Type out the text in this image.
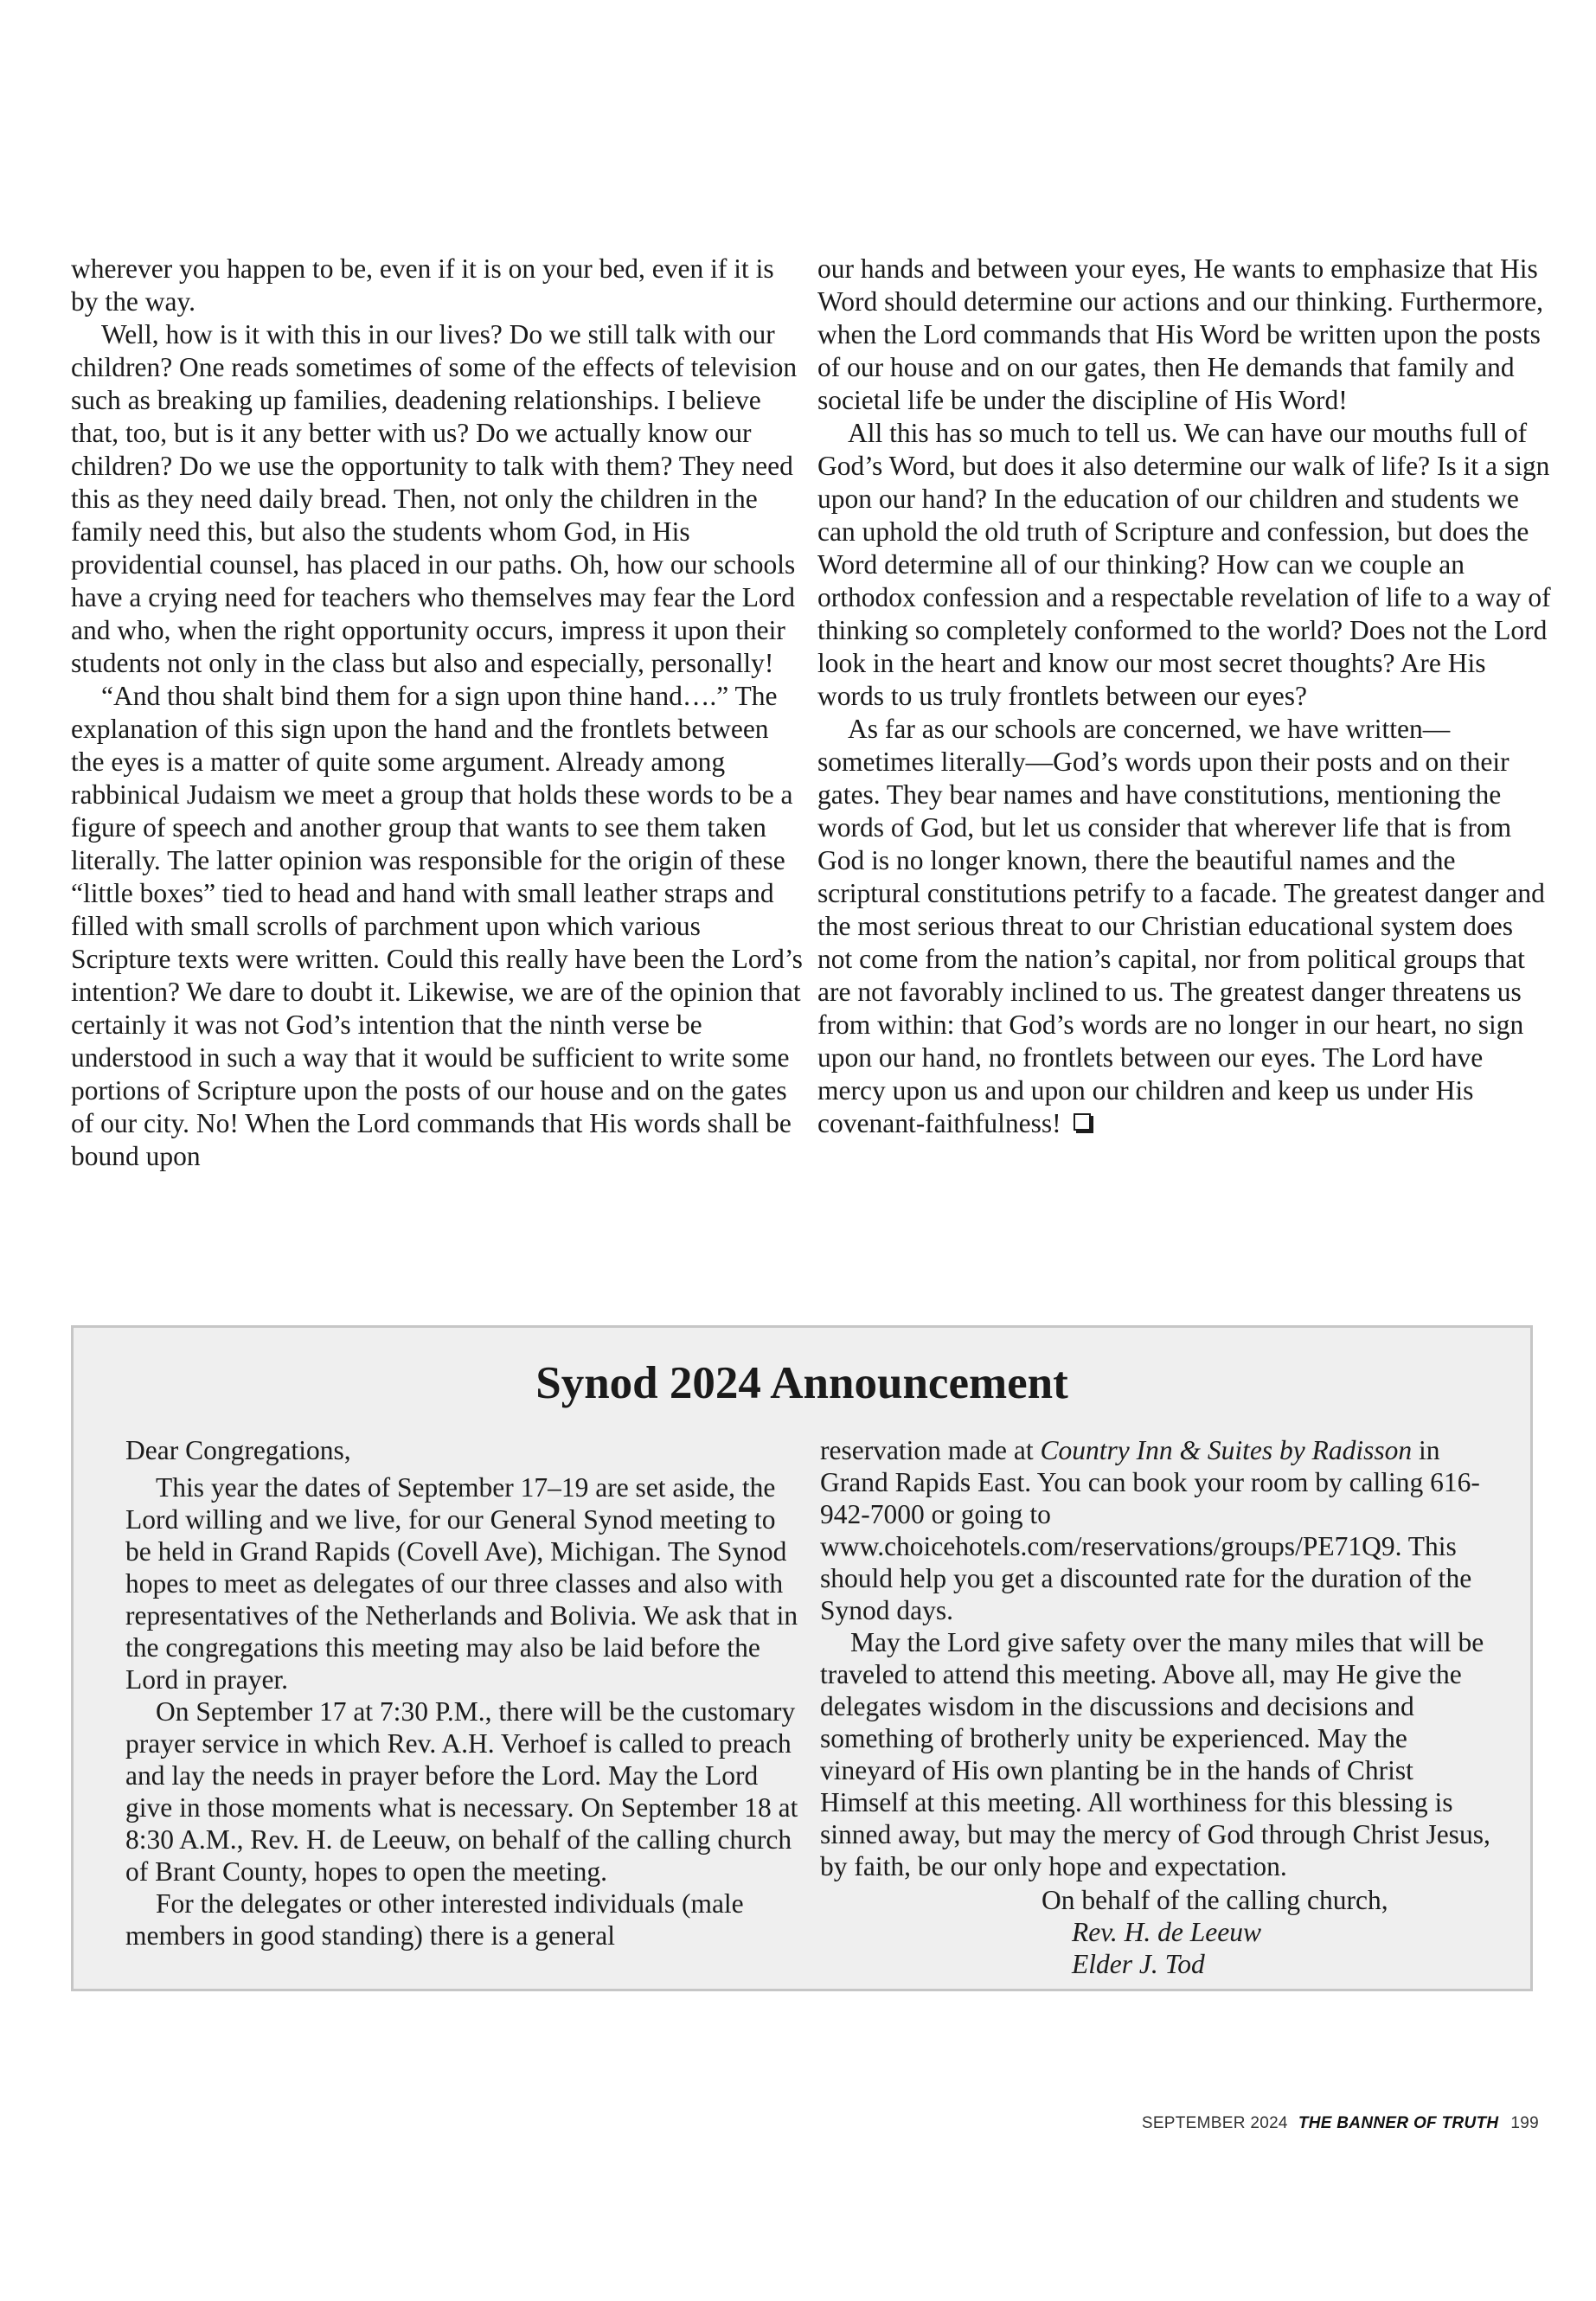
wherever you happen to be, even if it is on your bed, even if it is by the way.

Well, how is it with this in our lives? Do we still talk with our children? One reads sometimes of some of the effects of television such as breaking up families, deadening relationships. I believe that, too, but is it any better with us? Do we actually know our children? Do we use the opportunity to talk with them? They need this as they need daily bread. Then, not only the children in the family need this, but also the students whom God, in His providential counsel, has placed in our paths. Oh, how our schools have a crying need for teachers who themselves may fear the Lord and who, when the right opportunity occurs, impress it upon their students not only in the class but also and especially, personally!

“And thou shalt bind them for a sign upon thine hand….” The explanation of this sign upon the hand and the frontlets between the eyes is a matter of quite some argument. Already among rabbinical Judaism we meet a group that holds these words to be a figure of speech and another group that wants to see them taken literally. The latter opinion was responsible for the origin of these “little boxes” tied to head and hand with small leather straps and filled with small scrolls of parchment upon which various Scripture texts were written. Could this really have been the Lord’s intention? We dare to doubt it. Likewise, we are of the opinion that certainly it was not God’s intention that the ninth verse be understood in such a way that it would be sufficient to write some portions of Scripture upon the posts of our house and on the gates of our city. No! When the Lord commands that His words shall be bound upon

our hands and between your eyes, He wants to emphasize that His Word should determine our actions and our thinking. Furthermore, when the Lord commands that His Word be written upon the posts of our house and on our gates, then He demands that family and societal life be under the discipline of His Word!

All this has so much to tell us. We can have our mouths full of God’s Word, but does it also determine our walk of life? Is it a sign upon our hand? In the education of our children and students we can uphold the old truth of Scripture and confession, but does the Word determine all of our thinking? How can we couple an orthodox confession and a respectable revelation of life to a way of thinking so completely conformed to the world? Does not the Lord look in the heart and know our most secret thoughts? Are His words to us truly frontlets between our eyes?

As far as our schools are concerned, we have written—sometimes literally—God’s words upon their posts and on their gates. They bear names and have constitutions, mentioning the words of God, but let us consider that wherever life that is from God is no longer known, there the beautiful names and the scriptural constitutions petrify to a facade. The greatest danger and the most serious threat to our Christian educational system does not come from the nation’s capital, nor from political groups that are not favorably inclined to us. The greatest danger threatens us from within: that God’s words are no longer in our heart, no sign upon our hand, no frontlets between our eyes. The Lord have mercy upon us and upon our children and keep us under His covenant-faithfulness!

Synod 2024 Announcement

Dear Congregations,

This year the dates of September 17–19 are set aside, the Lord willing and we live, for our General Synod meeting to be held in Grand Rapids (Covell Ave), Michigan. The Synod hopes to meet as delegates of our three classes and also with representatives of the Netherlands and Bolivia. We ask that in the congregations this meeting may also be laid before the Lord in prayer.

On September 17 at 7:30 P.M., there will be the customary prayer service in which Rev. A.H. Verhoef is called to preach and lay the needs in prayer before the Lord. May the Lord give in those moments what is necessary. On September 18 at 8:30 A.M., Rev. H. de Leeuw, on behalf of the calling church of Brant County, hopes to open the meeting.

For the delegates or other interested individuals (male members in good standing) there is a general

reservation made at Country Inn & Suites by Radisson in Grand Rapids East. You can book your room by calling 616-942-7000 or going to www.choicehotels.com/reservations/groups/PE71Q9. This should help you get a discounted rate for the duration of the Synod days.

May the Lord give safety over the many miles that will be traveled to attend this meeting. Above all, may He give the delegates wisdom in the discussions and decisions and something of brotherly unity be experienced. May the vineyard of His own planting be in the hands of Christ Himself at this meeting. All worthiness for this blessing is sinned away, but may the mercy of God through Christ Jesus, by faith, be our only hope and expectation.

On behalf of the calling church,
Rev. H. de Leeuw
Elder J. Tod
SEPTEMBER 2024 THE BANNER OF TRUTH 199
